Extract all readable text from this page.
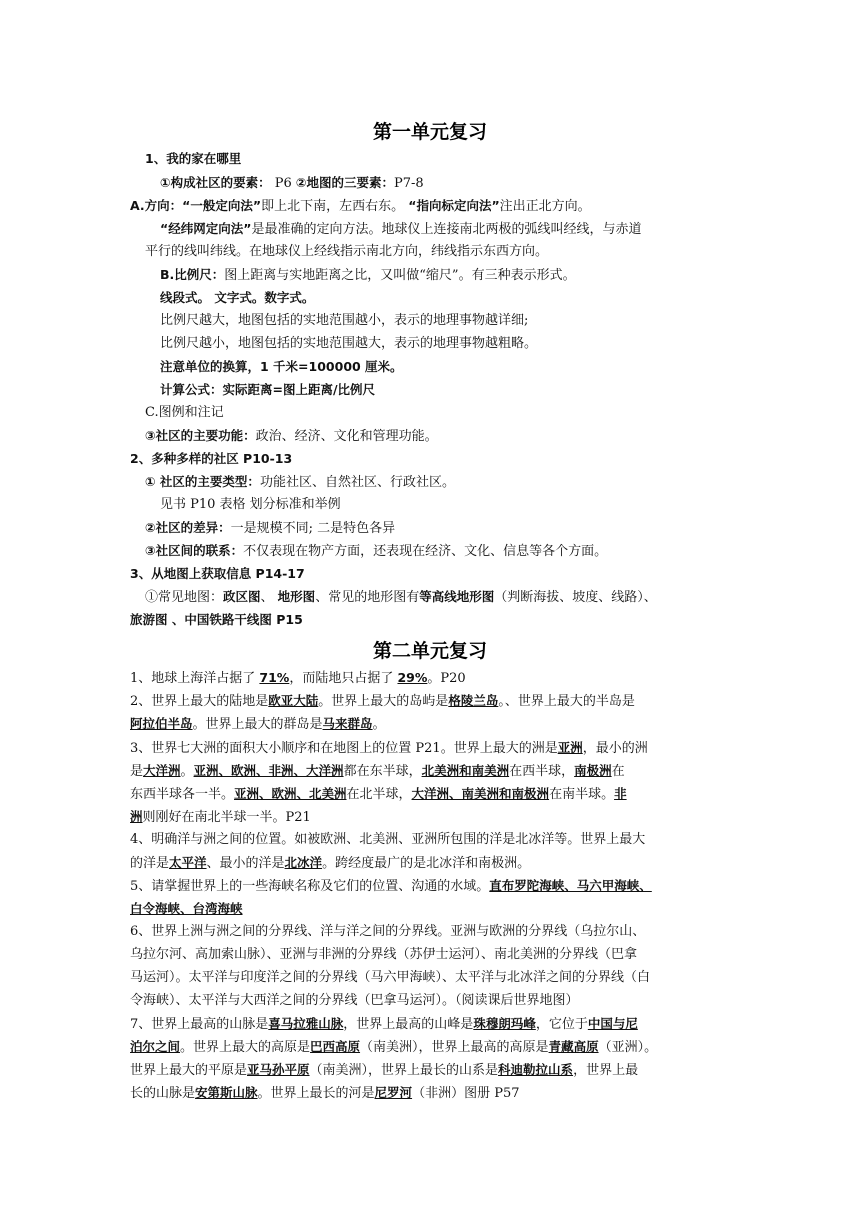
第一单元复习
1、我的家在哪里
①构成社区的要素： P6 ②地图的三要素：P7-8
A.方向：“一般定向法”即上北下南，左西右东。 “指向标定向法”注出正北方向。
“经纬网定向法”是最准确的定向方法。地球仪上连接南北两极的弧线叫经线，与赤道
平行的线叫纬线。在地球仪上经线指示南北方向，纬线指示东西方向。
B.比例尺：图上距离与实地距离之比，又叫做“缩尺”。有三种表示形式。
线段式。 文字式。数字式。
比例尺越大，地图包括的实地范围越小，表示的地理事物越详细;
比例尺越小，地图包括的实地范围越大，表示的地理事物越粗略。
注意单位的换算，1 千米=100000 厘米。
计算公式：实际距离=图上距离/比例尺
C.图例和注记
③社区的主要功能：政治、经济、文化和管理功能。
2、多种多样的社区 P10-13
① 社区的主要类型：功能社区、自然社区、行政社区。
见书 P10 表格 划分标准和举例
②社区的差异：一是规模不同; 二是特色各异
③社区间的联系：不仅表现在物产方面，还表现在经济、文化、信息等各个方面。
3、从地图上获取信息 P14-17
①常见地图：政区图、 地形图、常见的地形图有等高线地形图（判断海拔、坡度、线路）、
旅游图 、中国铁路干线图 P15
第二单元复习
1、地球上海洋占据了 71%，而陆地只占据了 29%。P20
2、世界上最大的陆地是欧亚大陆。世界上最大的岛屿是格陵兰岛。、世界上最大的半岛是
阿拉伯半岛。世界上最大的群岛是马来群岛。
3、世界七大洲的面积大小顺序和在地图上的位置 P21。世界上最大的洲是亚洲，最小的洲
是大洋洲。亚洲、欧洲、非洲、大洋洲都在东半球，北美洲和南美洲在西半球，南极洲在
东西半球各一半。亚洲、欧洲、北美洲在北半球，大洋洲、南美洲和南极洲在南半球。非
洲则刚好在南北半球一半。P21
4、明确洋与洲之间的位置。如被欧洲、北美洲、亚洲所包围的洋是北冰洋等。世界上最大
的洋是太平洋、最小的洋是北冰洋。跨经度最广的是北冰洋和南极洲。
5、请掌握世界上的一些海峡名称及它们的位置、沟通的水域。直布罗陀海峡、马六甲海峡、
白令海峡、台湾海峡
6、世界上洲与洲之间的分界线、洋与洋之间的分界线。亚洲与欧洲的分界线（乌拉尔山、
乌拉尔河、高加索山脉）、亚洲与非洲的分界线（苏伊士运河）、南北美洲的分界线（巴拿
马运河）。太平洋与印度洋之间的分界线（马六甲海峡）、太平洋与北冰洋之间的分界线（白
令海峡）、太平洋与大西洋之间的分界线（巴拿马运河）。（阅读课后世界地图）
7、世界上最高的山脉是喜马拉雅山脉，世界上最高的山峰是珠穆朗玛峰，它位于中国与尼
泊尔之间。世界上最大的高原是巴西高原（南美洲），世界上最高的高原是青藏高原（亚洲）。
世界上最大的平原是亚马孙平原（南美洲），世界上最长的山系是科迪勒拉山系，世界上最
长的山脉是安第斯山脉。世界上最长的河是尼罗河（非洲）图册 P57
